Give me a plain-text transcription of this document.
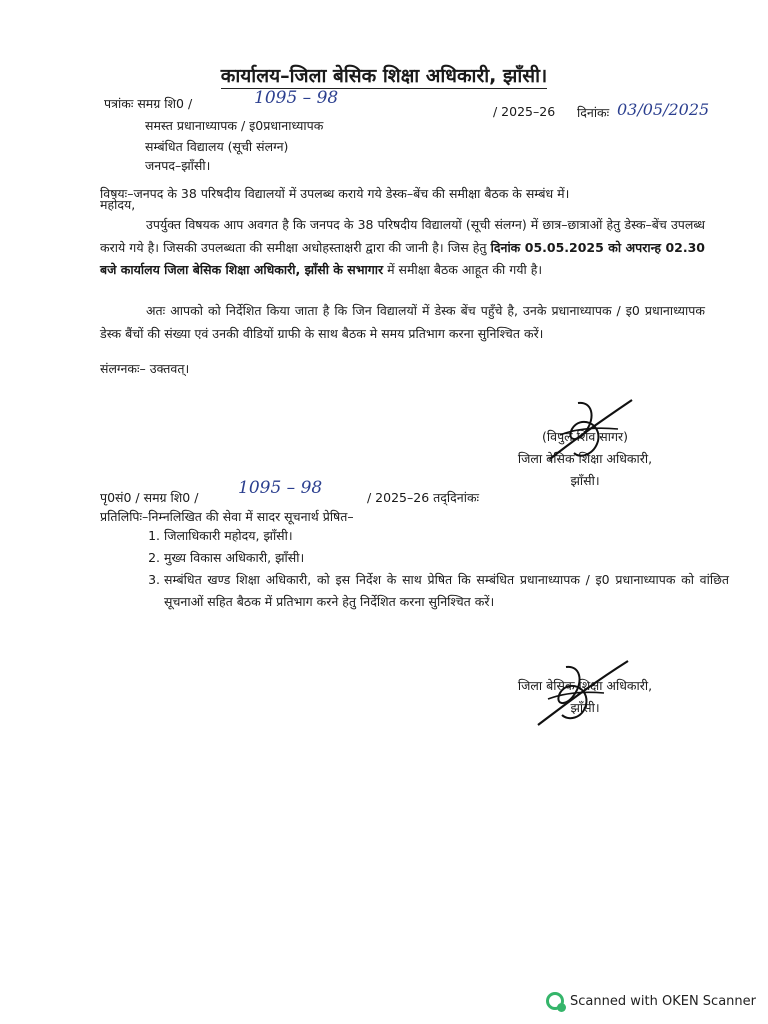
कार्यालय–जिला बेसिक शिक्षा अधिकारी, झाँसी।
पत्रांकः समग्र शि0 /	1095 – 98
/ 2025–26 दिनांकः 03/05/2025
समस्त प्रधानाध्यापक / इ0प्रधानाध्यापक
सम्बंधित विद्यालय (सूची संलग्न)
जनपद–झाँसी।
विषयः–जनपद के 38 परिषदीय विद्यालयों में उपलब्ध कराये गये डेस्क–बेंच की समीक्षा बैठक के सम्बंध में।
महोदय,
उपर्युक्त विषयक आप अवगत है कि जनपद के 38 परिषदीय विद्यालयों (सूची संलग्न) में छात्र–छात्राओं हेतु डेस्क–बेंच उपलब्ध कराये गये है। जिसकी उपलब्धता की समीक्षा अधोहस्ताक्षरी द्वारा की जानी है। जिस हेतु दिनांक 05.05.2025 को अपरान्ह 02.30 बजे कार्यालय जिला बेसिक शिक्षा अधिकारी, झाँसी के सभागार में समीक्षा बैठक आहूत की गयी है।
अतः आपको को निर्देशित किया जाता है कि जिन विद्यालयों में डेस्क बेंच पहुँचे है, उनके प्रधानाध्यापक / इ0 प्रधानाध्यापक डेस्क बैंचों की संख्या एवं उनकी वीडियों ग्राफी के साथ बैठक मे समय प्रतिभाग करना सुनिश्चित करें।
संलग्नकः– उक्तवत्।
(विपुल शिव सागर)
जिला बेसिक शिक्षा अधिकारी,
झाँसी।
पृ0सं0 / समग्र शि0 / 1095 – 98	/ 2025–26 तद्‌दिनांकः
प्रतिलिपिः–निम्नलिखित की सेवा में सादर सूचनार्थ प्रेषित–
1. जिलाधिकारी महोदय, झाँसी।
2. मुख्य विकास अधिकारी, झाँसी।
3. सम्बंधित खण्ड शिक्षा अधिकारी, को इस निर्देश के साथ प्रेषित कि सम्बंधित प्रधानाध्यापक / इ0 प्रधानाध्यापक को वांछित सूचनाओं सहित बैठक में प्रतिभाग करने हेतु निर्देशित करना सुनिश्चित करें।
जिला बेसिक शिक्षा अधिकारी,
झाँसी।
Scanned with OKEN Scanner
